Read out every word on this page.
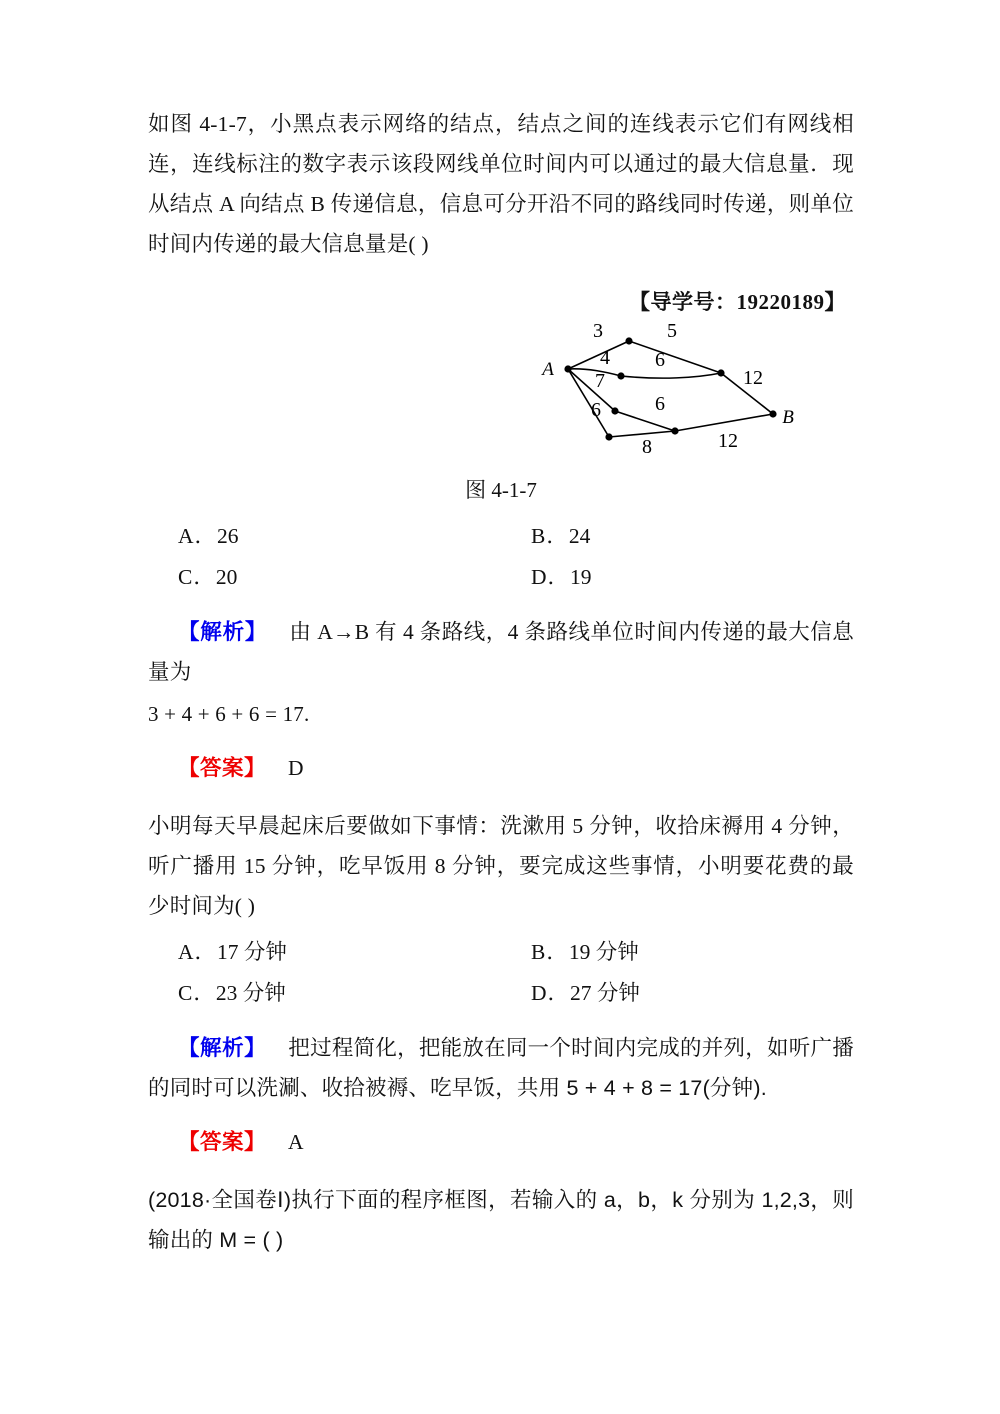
如图 4-1-7，小黑点表示网络的结点，结点之间的连线表示它们有网线相连，连线标注的数字表示该段网线单位时间内可以通过的最大信息量．现从结点 A 向结点 B 传递信息，信息可分开沿不同的路线同时传递，则单位时间内传递的最大信息量是( )

【导学号：19220189】
A
B
3	5
4 6
7
6
6
8
12
12
图 4-1-7
A．26	B．24
C．20	D．19

【解析】 由 A→B 有 4 条路线，4 条路线单位时间内传递的最大信息量为

3 + 4 + 6 + 6 = 17.

【答案】 D

小明每天早晨起床后要做如下事情：洗漱用 5 分钟，收拾床褥用 4 分钟，听广播用 15 分钟，吃早饭用 8 分钟，要完成这些事情，小明要花费的最少时间为( )

A．17 分钟	B．19 分钟
C．23 分钟	D．27 分钟

【解析】 把过程简化，把能放在同一个时间内完成的并列，如听广播的同时可以洗涮、收拾被褥、吃早饭，共用 5 + 4 + 8 = 17(分钟).

【答案】 A

(2018·全国卷Ⅰ)执行下面的程序框图，若输入的 a，b，k 分别为 1,2,3，则输出的 M = ( )
